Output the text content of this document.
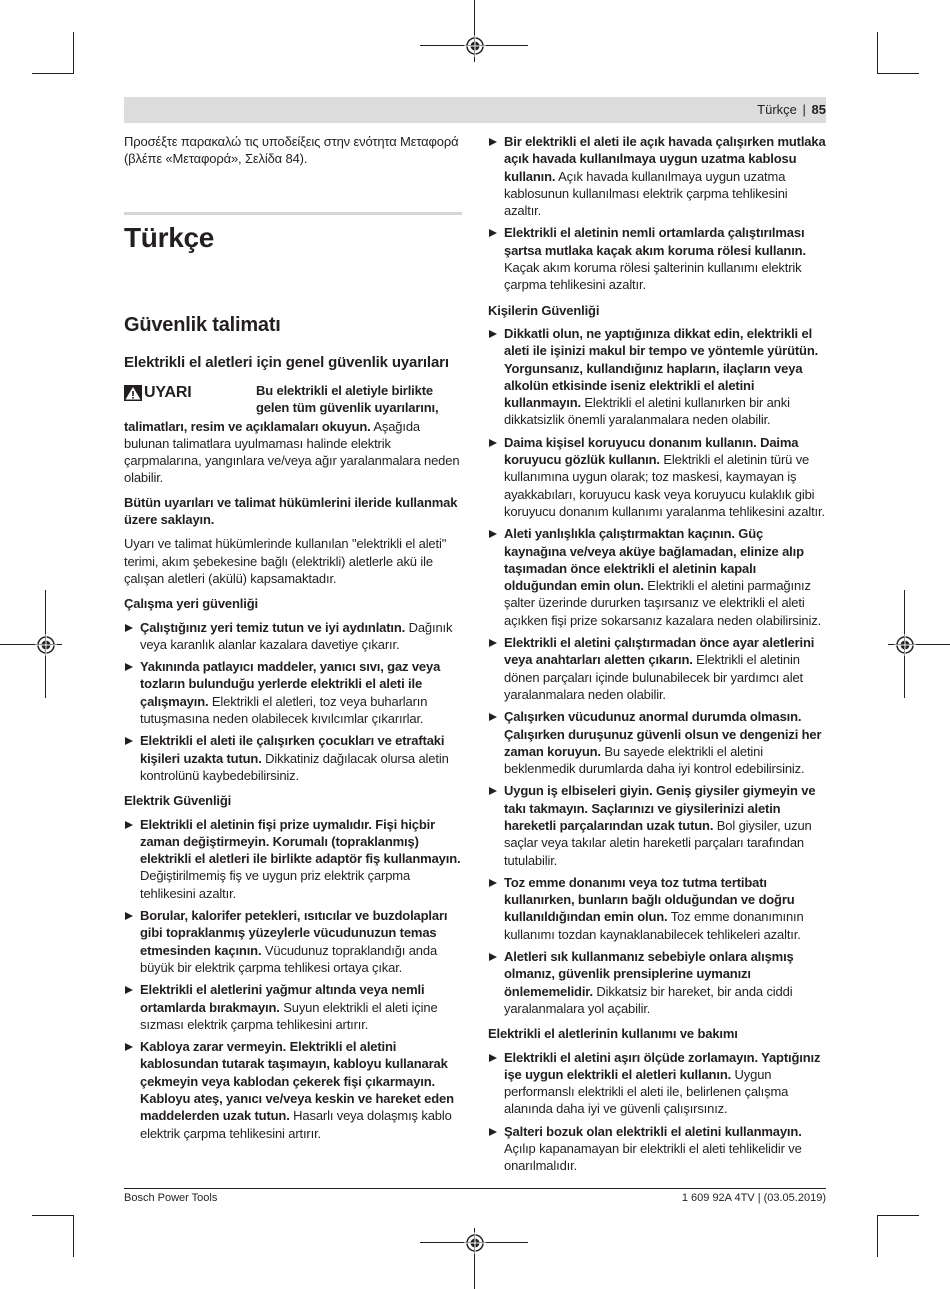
Türkçe | 85
Προσέξτε παρακαλώ τις υποδείξεις στην ενότητα Μεταφορά (βλέπε «Μεταφορά», Σελίδα 84).
Türkçe
Güvenlik talimatı
Elektrikli el aletleri için genel güvenlik uyarıları
UYARI	Bu elektrikli el aletiyle birlikte gelen tüm güvenlik uyarılarını,
talimatları, resim ve açıklamaları okuyun. Aşağıda bulunan talimatlara uyulmaması halinde elektrik çarpmalarına, yangınlara ve/veya ağır yaralanmalara neden olabilir.
Bütün uyarıları ve talimat hükümlerini ileride kullanmak üzere saklayın.
Uyarı ve talimat hükümlerinde kullanılan "elektrikli el aleti" terimi, akım şebekesine bağlı (elektrikli) aletlerle akü ile çalışan aletleri (akülü) kapsamaktadır.
Çalışma yeri güvenliği
Çalıştığınız yeri temiz tutun ve iyi aydınlatın. Dağınık veya karanlık alanlar kazalara davetiye çıkarır.
Yakınında patlayıcı maddeler, yanıcı sıvı, gaz veya tozların bulunduğu yerlerde elektrikli el aleti ile çalışmayın. Elektrikli el aletleri, toz veya buharların tutuşmasına neden olabilecek kıvılcımlar çıkarırlar.
Elektrikli el aleti ile çalışırken çocukları ve etraftaki kişileri uzakta tutun. Dikkatiniz dağılacak olursa aletin kontrolünü kaybedebilirsiniz.
Elektrik Güvenliği
Elektrikli el aletinin fişi prize uymalıdır. Fişi hiçbir zaman değiştirmeyin. Korumalı (topraklanmış) elektrikli el aletleri ile birlikte adaptör fiş kullanmayın. Değiştirilmemiş fiş ve uygun priz elektrik çarpma tehlikesini azaltır.
Borular, kalorifer petekleri, ısıtıcılar ve buzdolapları gibi topraklanmış yüzeylerle vücudunuzun temas etmesinden kaçının. Vücudunuz topraklandığı anda büyük bir elektrik çarpma tehlikesi ortaya çıkar.
Elektrikli el aletlerini yağmur altında veya nemli ortamlarda bırakmayın. Suyun elektrikli el aleti içine sızması elektrik çarpma tehlikesini artırır.
Kabloya zarar vermeyin. Elektrikli el aletini kablosundan tutarak taşımayın, kabloyu kullanarak çekmeyin veya kablodan çekerek fişi çıkarmayın. Kabloyu ateş, yanıcı ve/veya keskin ve hareket eden maddelerden uzak tutun. Hasarlı veya dolaşmış kablo elektrik çarpma tehlikesini artırır.
Bir elektrikli el aleti ile açık havada çalışırken mutlaka açık havada kullanılmaya uygun uzatma kablosu kullanın. Açık havada kullanılmaya uygun uzatma kablosunun kullanılması elektrik çarpma tehlikesini azaltır.
Elektrikli el aletinin nemli ortamlarda çalıştırılması şartsa mutlaka kaçak akım koruma rölesi kullanın. Kaçak akım koruma rölesi şalterinin kullanımı elektrik çarpma tehlikesini azaltır.
Kişilerin Güvenliği
Dikkatli olun, ne yaptığınıza dikkat edin, elektrikli el aleti ile işinizi makul bir tempo ve yöntemle yürütün. Yorgunsanız, kullandığınız hapların, ilaçların veya alkolün etkisinde iseniz elektrikli el aletini kullanmayın. Elektrikli el aletini kullanırken bir anki dikkatsizlik önemli yaralanmalara neden olabilir.
Daima kişisel koruyucu donanım kullanın. Daima koruyucu gözlük kullanın. Elektrikli el aletinin türü ve kullanımına uygun olarak; toz maskesi, kaymayan iş ayakkabıları, koruyucu kask veya koruyucu kulaklık gibi koruyucu donanım kullanımı yaralanma tehlikesini azaltır.
Aleti yanlışlıkla çalıştırmaktan kaçının. Güç kaynağına ve/veya aküye bağlamadan, elinize alıp taşımadan önce elektrikli el aletinin kapalı olduğundan emin olun. Elektrikli el aletini parmağınız şalter üzerinde dururken taşırsanız ve elektrikli el aleti açıkken fişi prize sokarsanız kazalara neden olabilirsiniz.
Elektrikli el aletini çalıştırmadan önce ayar aletlerini veya anahtarları aletten çıkarın. Elektrikli el aletinin dönen parçaları içinde bulunabilecek bir yardımcı alet yaralanmalara neden olabilir.
Çalışırken vücudunuz anormal durumda olmasın. Çalışırken duruşunuz güvenli olsun ve dengenizi her zaman koruyun. Bu sayede elektrikli el aletini beklenmedik durumlarda daha iyi kontrol edebilirsiniz.
Uygun iş elbiseleri giyin. Geniş giysiler giymeyin ve takı takmayın. Saçlarınızı ve giysilerinizi aletin hareketli parçalarından uzak tutun. Bol giysiler, uzun saçlar veya takılar aletin hareketli parçaları tarafından tutulabilir.
Toz emme donanımı veya toz tutma tertibatı kullanırken, bunların bağlı olduğundan ve doğru kullanıldığından emin olun. Toz emme donanımının kullanımı tozdan kaynaklanabilecek tehlikeleri azaltır.
Aletleri sık kullanmanız sebebiyle onlara alışmış olmanız, güvenlik prensiplerine uymanızı önlememelidir. Dikkatsiz bir hareket, bir anda ciddi yaralanmalara yol açabilir.
Elektrikli el aletlerinin kullanımı ve bakımı
Elektrikli el aletini aşırı ölçüde zorlamayın. Yaptığınız işe uygun elektrikli el aletleri kullanın. Uygun performanslı elektrikli el aleti ile, belirlenen çalışma alanında daha iyi ve güvenli çalışırsınız.
Şalteri bozuk olan elektrikli el aletini kullanmayın. Açılıp kapanamayan bir elektrikli el aleti tehlikelidir ve onarılmalıdır.
Bosch Power Tools	1 609 92A 4TV | (03.05.2019)
